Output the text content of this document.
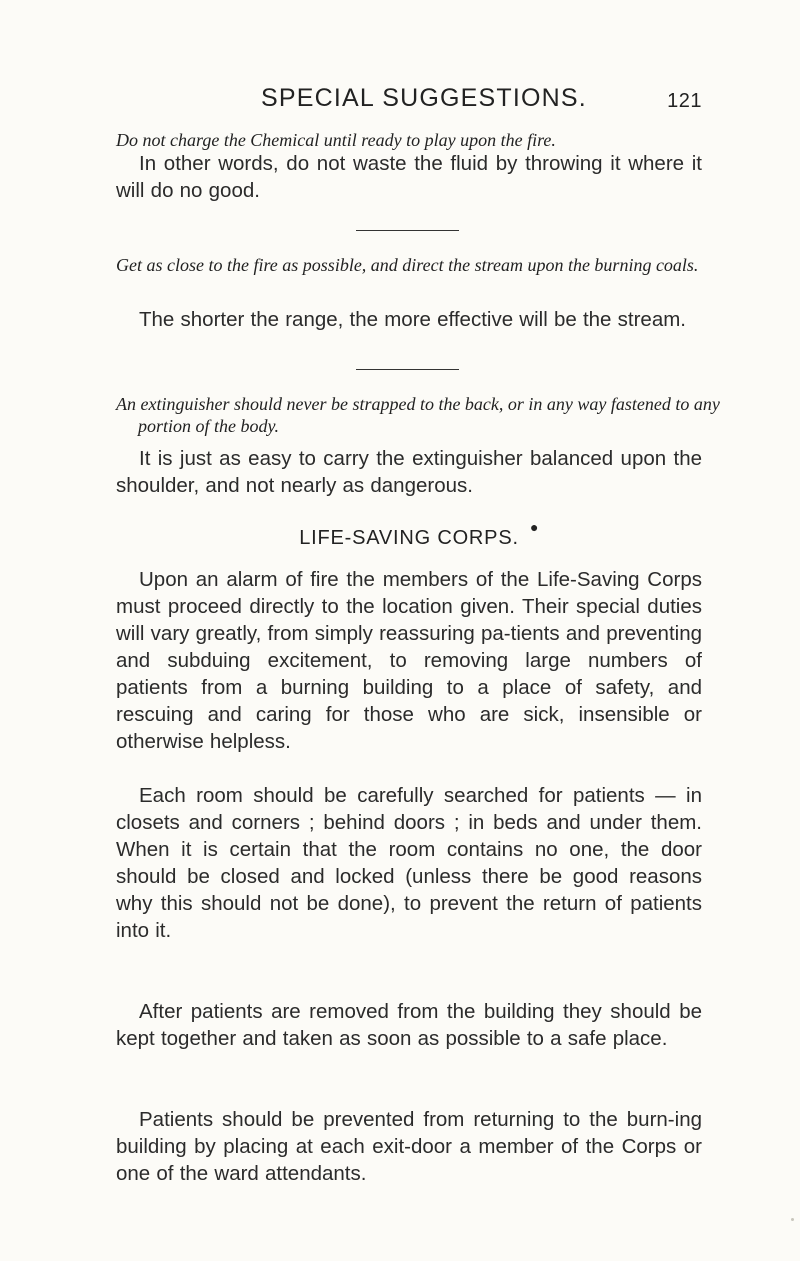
SPECIAL SUGGESTIONS.	121
Do not charge the Chemical until ready to play upon the fire.
In other words, do not waste the fluid by throwing it where it will do no good.
Get as close to the fire as possible, and direct the stream upon the burning coals.
The shorter the range, the more effective will be the stream.
An extinguisher should never be strapped to the back, or in any way fastened to any portion of the body.
It is just as easy to carry the extinguisher balanced upon the shoulder, and not nearly as dangerous.
LIFE-SAVING CORPS. ●
Upon an alarm of fire the members of the Life-Saving Corps must proceed directly to the location given. Their special duties will vary greatly, from simply reassuring pa-tients and preventing and subduing excitement, to removing large numbers of patients from a burning building to a place of safety, and rescuing and caring for those who are sick, insensible or otherwise helpless.
Each room should be carefully searched for patients — in closets and corners ; behind doors ; in beds and under them. When it is certain that the room contains no one, the door should be closed and locked (unless there be good reasons why this should not be done), to prevent the return of patients into it.
After patients are removed from the building they should be kept together and taken as soon as possible to a safe place.
Patients should be prevented from returning to the burn-ing building by placing at each exit-door a member of the Corps or one of the ward attendants.
